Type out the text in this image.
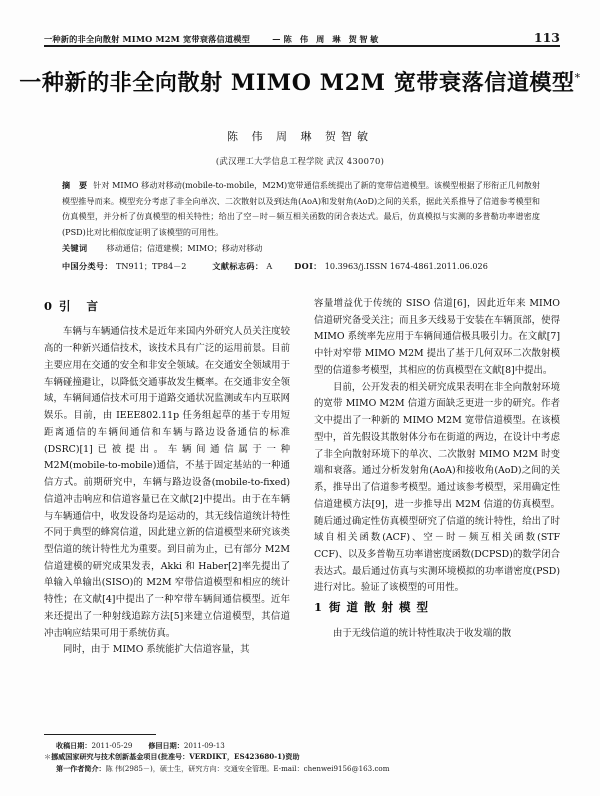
一种新的非全向散射 MIMO M2M 宽带衰落信道模型	— 陈 伟 周 琳 贺智敏	113
一种新的非全向散射 MIMO M2M 宽带衰落信道模型*
陈 伟 周 琳 贺智敏
(武汉理工大学信息工程学院 武汉 430070)
摘 要 针对 MIMO 移动对移动(mobile-to-mobile，M2M)宽带通信系统提出了新的宽带信道模型。该模型根据了形衔正几何散射模型推导而来。模型充分考虑了非全向单次、二次散射以及到达角(AoA)和发射角(AoD)之间的关系，据此关系推导了信道参考模型和仿真模型，并分析了仿真模型的相关特性；给出了空－时－频互相关函数的闭合表达式。最后，仿真模拟与实测的多普勒功率谱密度(PSD)比对比相似度证明了该模型的可用性。
关键词 移动通信；信道建模；MIMO；移动对移动
中国分类号： TN911；TP84－2	文献标志码： A	DOI： 10.3963/j.ISSN 1674-4861.2011.06.026
0 引 言

车辆与车辆通信技术是近年来国内外研究人员关注度较高的一种新兴通信技术，该技术具有广泛的运用前景。目前主要应用在交通的安全和非安全领域。在交通安全领域用于车辆碰撞避让，以降低交通事故发生概率。在交通非安全领域，车辆间通信技术可用于道路交通状况监测或车内互联网娱乐。目前，由 IEEE802.11p 任务组起草的基于专用短距离通信的车辆间通信和车辆与路边设备通信的标准(DSRC)[1]已被提出。车辆间通信属于一种 M2M(mobile-to-mobile)通信，不基于固定基站的一种通信方式。前期研究中，车辆与路边设备(mobile-to-fixed)信道冲击响应和信道容量已在文献[2]中提出。由于在车辆与车辆通信中，收发设备均是运动的，其无线信道统计特性不同于典型的蜂窝信道，因此建立新的信道模型来研究该类型信道的统计特性尤为重要。到目前为止，已有部分 M2M 信道建模的研究成果发表，Akki 和 Haber[2]率先提出了单输入单输出(SISO)的 M2M 窄带信道模型和相应的统计特性；在文献[4]中提出了一种窄带车辆间通信模型。近年来还提出了一种射线追踪方法[5]来建立信道模型，其信道冲击响应结果可用于系统仿真。

同时，由于 MIMO 系统能扩大信道容量，其

容量增益优于传统的 SISO 信道[6]，因此近年来 MIMO 信道研究备受关注；而且多天线易于安装在车辆顶部，使得 MIMO 系统率先应用于车辆间通信极具吸引力。在文献[7]中针对窄带 MIMO M2M 提出了基于几何双环二次散射模型的信道参考模型，其相应的仿真模型在文献[8]中提出。

目前，公开发表的相关研究成果表明在非全向散射环境的宽带 MIMO M2M 信道方面缺乏更进一步的研究。作者文中提出了一种新的 MIMO M2M 宽带信道模型。在该模型中，首先假设其散射体分布在街道的两边，在设计中考虑了非全向散射环境下的单次、二次散射 MIMO M2M 时变端和衰落。通过分析发射角(AoA)和接收角(AoD)之间的关系，推导出了信道参考模型。通过该参考模型，采用确定性信道建模方法[9]，进一步推导出 M2M 信道的仿真模型。随后通过确定性仿真模型研究了信道的统计特性，给出了时域自相关函数(ACF)、空－时－频互相关函数(STF CCF)、以及多普勒互功率谱密度函数(DCPSD)的数学闭合表达式。最后通过仿真与实测环境模拟的功率谱密度(PSD)进行对比。验证了该模型的可用性。

1 街道散射模型

由于无线信道的统计特性取决于收发端的散

收稿日期：2011-05-29 修回日期：2011-09-13
＊挪威国家研究与技术创新基金项目(批准号：VERDIKT，ES423680-1)资助
第一作者简介：陈 伟(2985－)，硕士生，研究方向：交通安全管理。E-mail：chenwei9156@163.com
